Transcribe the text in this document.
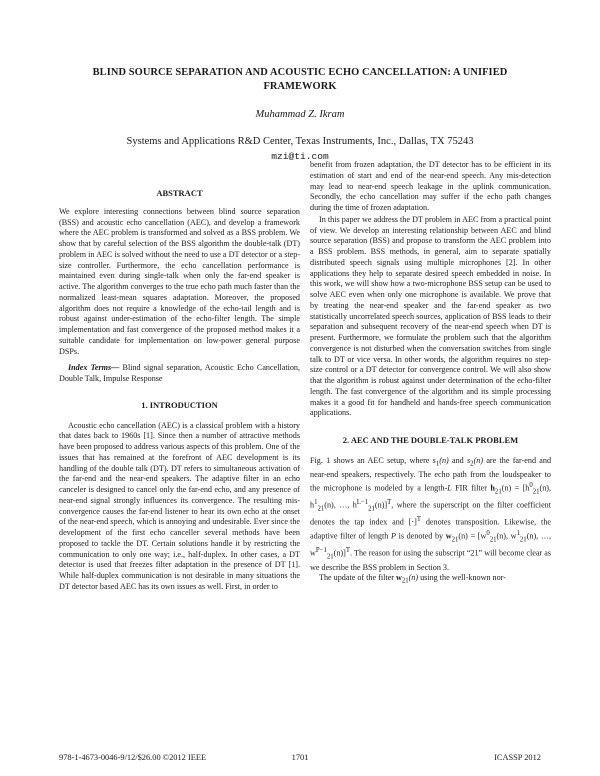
BLIND SOURCE SEPARATION AND ACOUSTIC ECHO CANCELLATION: A UNIFIED FRAMEWORK
Muhammad Z. Ikram
Systems and Applications R&D Center, Texas Instruments, Inc., Dallas, TX 75243
mzi@ti.com
ABSTRACT

We explore interesting connections between blind source separation (BSS) and acoustic echo cancellation (AEC), and develop a framework where the AEC problem is transformed and solved as a BSS problem. We show that by careful selection of the BSS algorithm the double-talk (DT) problem in AEC is solved without the need to use a DT detector or a step-size controller. Furthermore, the echo cancellation performance is maintained even during single-talk when only the far-end speaker is active. The algorithm converges to the true echo path much faster than the normalized least-mean squares adaptation. Moreover, the proposed algorithm does not require a knowledge of the echo-tail length and is robust against under-estimation of the echo-filter length. The simple implementation and fast convergence of the proposed method makes it a suitable candidate for implementation on low-power general purpose DSPs.

Index Terms— Blind signal separation, Acoustic Echo Cancellation, Double Talk, Impulse Response

1. INTRODUCTION

Acoustic echo cancellation (AEC) is a classical problem with a history that dates back to 1960s [1]. Since then a number of attractive methods have been proposed to address various aspects of this problem. One of the issues that has remained at the forefront of AEC development is its handling of the double talk (DT). DT refers to simultaneous activation of the far-end and the near-end speakers. The adaptive filter in an echo canceler is designed to cancel only the far-end echo, and any presence of near-end signal strongly influences its convergence. The resulting mis-convergence causes the far-end listener to hear its own echo at the onset of the near-end speech, which is annoying and undesirable. Ever since the development of the first echo canceller several methods have been proposed to tackle the DT. Certain solutions handle it by restricting the communication to only one way; i.e., half-duplex. In other cases, a DT detector is used that freezes filter adaptation in the presence of DT [1]. While half-duplex communication is not desirable in many situations the DT detector based AEC has its own issues as well. First, in order to

benefit from frozen adaptation, the DT detector has to be efficient in its estimation of start and end of the near-end speech. Any mis-detection may lead to near-end speech leakage in the uplink communication. Secondly, the echo cancellation may suffer if the echo path changes during the time of frozen adaptation.

In this paper we address the DT problem in AEC from a practical point of view. We develop an interesting relationship between AEC and blind source separation (BSS) and propose to transform the AEC problem into a BSS problem. BSS methods, in general, aim to separate spatially distributed speech signals using multiple microphones [2]. In other applications they help to separate desired speech embedded in noise. In this work, we will show how a two-microphone BSS setup can be used to solve AEC even when only one microphone is available. We prove that by treating the near-end speaker and the far-end speaker as two statistically uncorrelated speech sources, application of BSS leads to their separation and subsequent recovery of the near-end speech when DT is present. Furthermore, we formulate the problem such that the algorithm convergence is not disturbed when the conversation switches from single talk to DT or vice versa. In other words, the algorithm requires no step-size control or a DT detector for convergence control. We will also show that the algorithm is robust against under determination of the echo-filter length. The fast convergence of the algorithm and its simple processing makes it a good fit for handheld and hands-free speech communication applications.

2. AEC AND THE DOUBLE-TALK PROBLEM

Fig. 1 shows an AEC setup, where $s_1(n)$ and $s_2(n)$ are the far-end and near-end speakers, respectively. The echo path from the loudspeaker to the microphone is modeled by a length-L FIR filter $h_{21}(n) = [h^0_{21}(n)$, $h^1_{21}(n)$, …, $h^{L-1}_{21}(n)]^T$, where the superscript on the filter coefficient denotes the tap index and $[\cdot]^T$ denotes transposition. Likewise, the adaptive filter of length P is denoted by $w_{21}(n) = [w^0_{21}(n)$, $w^1_{21}(n)$, …, $w^{P-1}_{21}(n)]^T$. The reason for using the subscript “21” will become clear as we describe the BSS problem in Section 3.

The update of the filter $w_{21}(n)$ using the well-known nor-

978-1-4673-0046-9/12/$26.00 ©2012 IEEE	1701	ICASSP 2012
